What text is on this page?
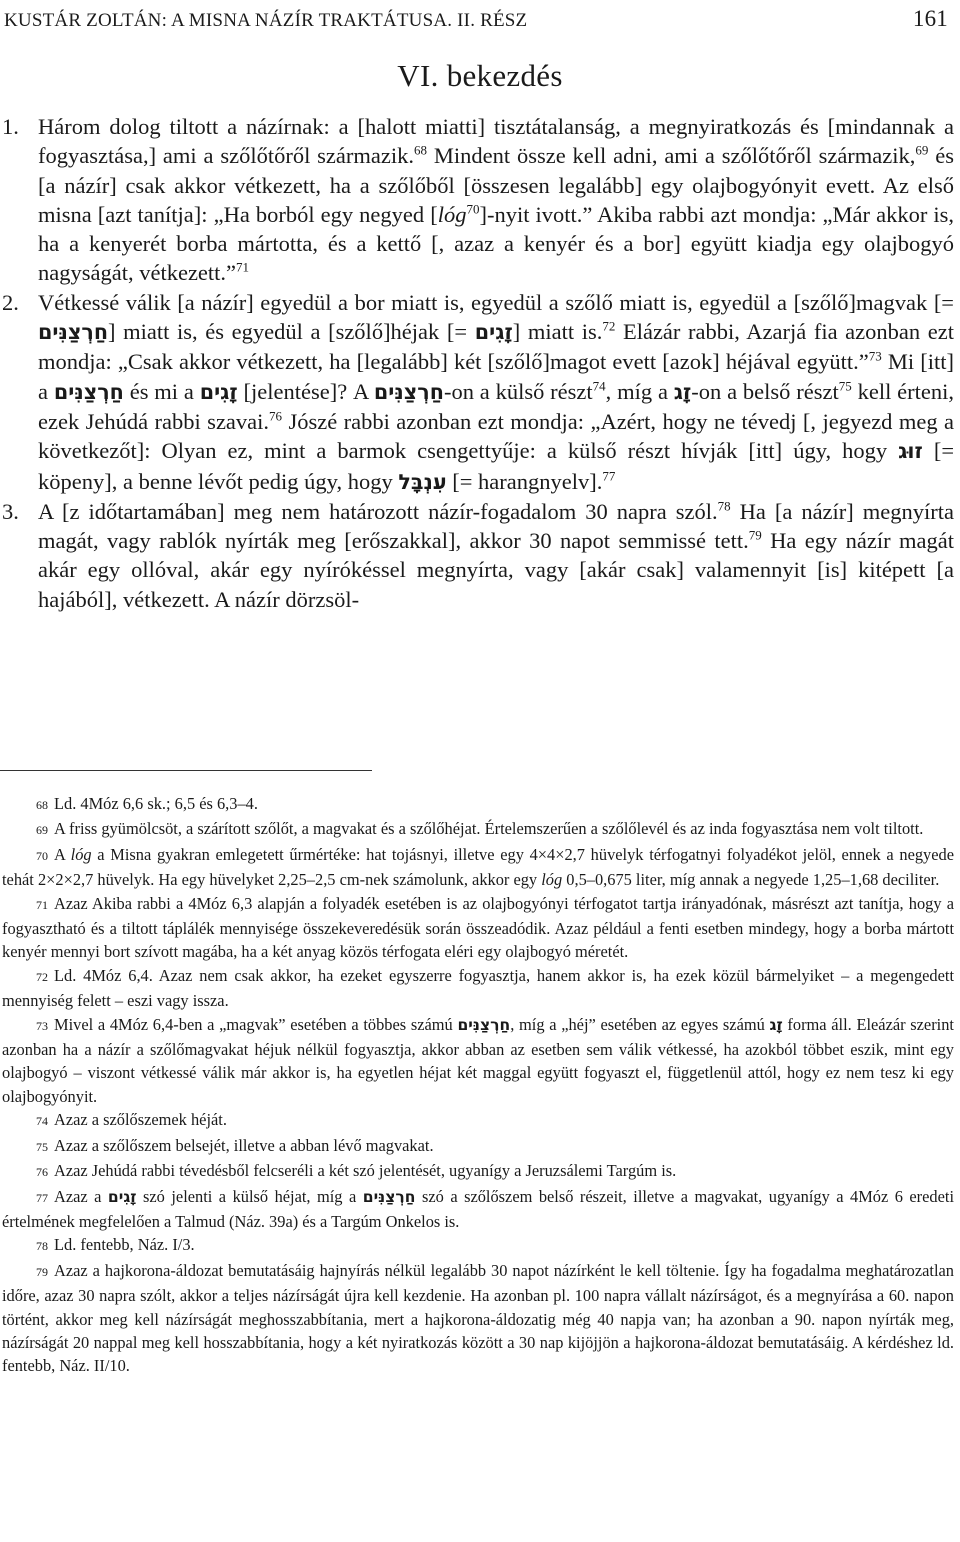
KUSTÁR ZOLTÁN: A MISNA NÁZÍR TRAKTÁTUSA. II. RÉSZ	161
VI. bekezdés

1. Három dolog tiltott a názírnak: a [halott miatti] tisztátalanság, a megnyiratkozás és [mindannak a fogyasztása,] ami a szőlőtőről származik.$^{68}$ Mindent össze kell adni, ami a szőlőtőről származik,$^{69}$ és [a názír] csak akkor vétkezett, ha a szőlőből [összesen legalább] egy olajbogyónyit evett. Az első misna [azt tanítja]: „Ha borból egy negyed [lóg$^{70}$]-nyit ivott.” Akiba rabbi azt mondja: „Már akkor is, ha a kenyerét borba mártotta, és a kettő [, azaz a kenyér és a bor] együtt kiadja egy olajbogyó nagyságát, vétkezett.”$^{71}$

2. Vétkessé válik [a názír] egyedül a bor miatt is, egyedül a szőlő miatt is, egyedül a [szőlő]magvak [= חַרְצַנִּים] miatt is, és egyedül a [szőlő]héjak [= זָגִים] miatt is.$^{72}$ Elázár rabbi, Azarjá fia azonban ezt mondja: „Csak akkor vétkezett, ha [legalább] két [szőlő]magot evett [azok] héjával együtt.”$^{73}$ Mi [itt] a חַרְצַנִּים és mi a זָגִים [jelentése]? A חַרְצַנִּים-on a külső részt$^{74}$, míg a זָג-on a belső részt$^{75}$ kell érteni, ezek Jehúdá rabbi szavai.$^{76}$ Jószé rabbi azonban ezt mondja: „Azért, hogy ne tévedj [, jegyezd meg a következőt]: Olyan ez, mint a barmok csengettyűje: a külső részt hívják [itt] úgy, hogy זוּג [= köpeny], a benne lévőt pedig úgy, hogy עִנְבָּל [= harangnyelv].$^{77}$

3. A [z időtartamában] meg nem határozott názír-fogadalom 30 napra szól.$^{78}$ Ha [a názír] megnyírta magát, vagy rablók nyírták meg [erőszakkal], akkor 30 napot semmissé tett.$^{79}$ Ha egy názír magát akár egy ollóval, akár egy nyírókéssel megnyírta, vagy [akár csak] valamennyit [is] kitépett [a hajából], vétkezett. A názír dörzsöl-

68 Ld. 4Móz 6,6 sk.; 6,5 és 6,3–4.

69 A friss gyümölcsöt, a szárított szőlőt, a magvakat és a szőlőhéjat. Értelemszerűen a szőlőlevél és az inda fogyasztása nem volt tiltott.

70 A lóg a Misna gyakran emlegetett űrmértéke: hat tojásnyi, illetve egy 4×4×2,7 hüvelyk térfogatnyi folyadékot jelöl, ennek a negyede tehát 2×2×2,7 hüvelyk. Ha egy hüvelyket 2,25–2,5 cm-nek számolunk, akkor egy lóg 0,5–0,675 liter, míg annak a negyede 1,25–1,68 deciliter.

71 Azaz Akiba rabbi a 4Móz 6,3 alapján a folyadék esetében is az olajbogyónyi térfogatot tartja irányadónak, másrészt azt tanítja, hogy a fogyasztható és a tiltott táplálék mennyisége összekeveredésük során összeadódik. Azaz például a fenti esetben mindegy, hogy a borba mártott kenyér mennyi bort szívott magába, ha a két anyag közös térfogata eléri egy olajbogyó méretét.

72 Ld. 4Móz 6,4. Azaz nem csak akkor, ha ezeket egyszerre fogyasztja, hanem akkor is, ha ezek közül bármelyiket – a megengedett mennyiség felett – eszi vagy issza.

73 Mivel a 4Móz 6,4-ben a „magvak” esetében a többes számú חַרְצַנִּים, míg a „héj” esetében az egyes számú זָג forma áll. Eleázár szerint azonban ha a názír a szőlőmagvakat héjuk nélkül fogyasztja, akkor abban az esetben sem válik vétkessé, ha azokból többet eszik, mint egy olajbogyó – viszont vétkessé válik már akkor is, ha egyetlen héjat két maggal együtt fogyaszt el, függetlenül attól, hogy ez nem tesz ki egy olajbogyónyit.

74 Azaz a szőlőszemek héját.

75 Azaz a szőlőszem belsejét, illetve a abban lévő magvakat.

76 Azaz Jehúdá rabbi tévedésből felcseréli a két szó jelentését, ugyanígy a Jeruzsálemi Targúm is.

77 Azaz a זָגִים szó jelenti a külső héjat, míg a חַרְצַנִּים szó a szőlőszem belső részeit, illetve a magvakat, ugyanígy a 4Móz 6 eredeti értelmének megfelelően a Talmud (Náz. 39a) és a Targúm Onkelos is.

78 Ld. fentebb, Náz. I/3.

79 Azaz a hajkorona-áldozat bemutatásáig hajnyírás nélkül legalább 30 napot názírként le kell töltenie. Így ha fogadalma meghatározatlan időre, azaz 30 napra szólt, akkor a teljes názírságát újra kell kezdenie. Ha azonban pl. 100 napra vállalt názírságot, és a megnyírása a 60. napon történt, akkor meg kell názírságát meghosszabbítania, mert a hajkorona-áldozatig még 40 napja van; ha azonban a 90. napon nyírták meg, názírságát 20 nappal meg kell hosszabbítania, hogy a két nyiratkozás között a 30 nap kijöjjön a hajkorona-áldozat bemutatásáig. A kérdéshez ld. fentebb, Náz. II/10.
